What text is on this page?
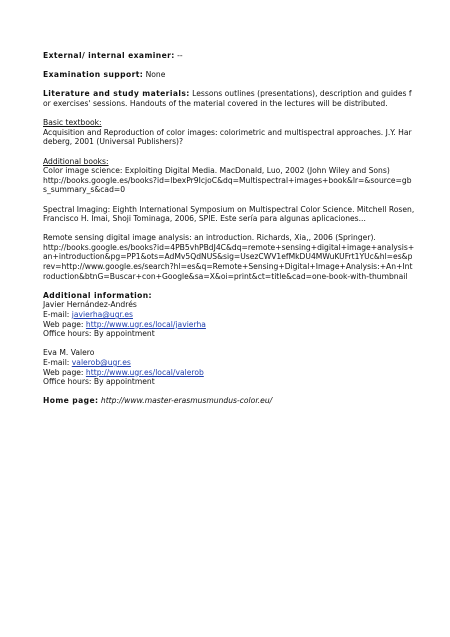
External/ internal examiner: --

Examination support: None

Literature and study materials: Lessons outlines (presentations), description and guides for exercises' sessions. Handouts of the material covered in the lectures will be distributed.

Basic textbook:
Acquisition and Reproduction of color images: colorimetric and multispectral approaches. J.Y. Hardeberg, 2001 (Universal Publishers)?

Additional books:
Color image science: Exploiting Digital Media. MacDonald, Luo, 2002 (John Wiley and Sons)
http://books.google.es/books?id=lbexPr9IcjoC&dq=Multispectral+images+book&lr=&source=gbs_summary_s&cad=0

Spectral Imaging: Eighth International Symposium on Multispectral Color Science. Mitchell Rosen, Francisco H. Imai, Shoji Tominaga, 2006, SPIE. Este sería para algunas aplicaciones...

Remote sensing digital image analysis: an introduction. Richards, Xia,, 2006 (Springer).
http://books.google.es/books?id=4PB5vhPBdJ4C&dq=remote+sensing+digital+image+analysis+an+introduction&pg=PP1&ots=AdMv5QdNUS&sig=UsezCWV1efMkDU4MWuKUFrt1YUc&hl=es&prev=http://www.google.es/search?hl=es&q=Remote+Sensing+Digital+Image+Analysis:+An+Introduction&btnG=Buscar+con+Google&sa=X&oi=print&ct=title&cad=one-book-with-thumbnail

Additional information:
Javier Hernández-Andrés
E-mail: javierha@ugr.es
Web page: http://www.ugr.es/local/javierha
Office hours: By appointment

Eva M. Valero
E-mail: valerob@ugr.es
Web page: http://www.ugr.es/local/valerob
Office hours: By appointment

Home page: http://www.master-erasmusmundus-color.eu/
